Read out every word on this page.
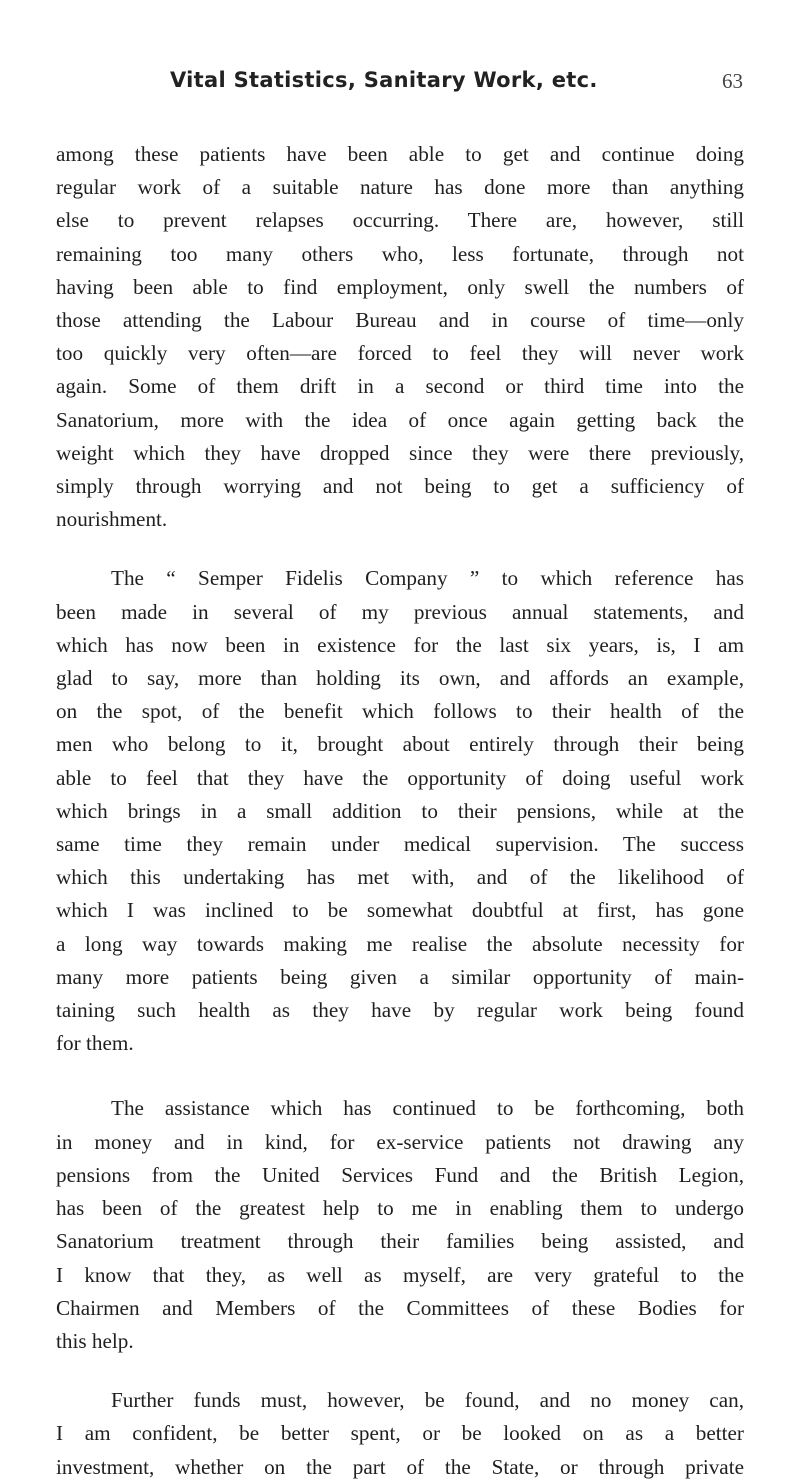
Vital Statistics, Sanitary Work, etc.	63

among these patients have been able to get and continue doing
regular work of a suitable nature has done more than anything
else to prevent relapses occurring. There are, however, still
remaining too many others who, less fortunate, through not
having been able to find employment, only swell the numbers of
those attending the Labour Bureau and in course of time—only
too quickly very often—are forced to feel they will never work
again. Some of them drift in a second or third time into the
Sanatorium, more with the idea of once again getting back the
weight which they have dropped since they were there previously,
simply through worrying and not being to get a sufficiency of
nourishment.

The “ Semper Fidelis Company ” to which reference has
been made in several of my previous annual statements, and
which has now been in existence for the last six years, is, I am
glad to say, more than holding its own, and affords an example,
on the spot, of the benefit which follows to their health of the
men who belong to it, brought about entirely through their being
able to feel that they have the opportunity of doing useful work
which brings in a small addition to their pensions, while at the
same time they remain under medical supervision. The success
which this undertaking has met with, and of the likelihood of
which I was inclined to be somewhat doubtful at first, has gone
a long way towards making me realise the absolute necessity for
many more patients being given a similar opportunity of main-
taining such health as they have by regular work being found
for them.

The assistance which has continued to be forthcoming, both
in money and in kind, for ex-service patients not drawing any
pensions from the United Services Fund and the British Legion,
has been of the greatest help to me in enabling them to undergo
Sanatorium treatment through their families being assisted, and
I know that they, as well as myself, are very grateful to the
Chairmen and Members of the Committees of these Bodies for
this help.

Further funds must, however, be found, and no money can,
I am confident, be better spent, or be looked on as a better
investment, whether on the part of the State, or through private
